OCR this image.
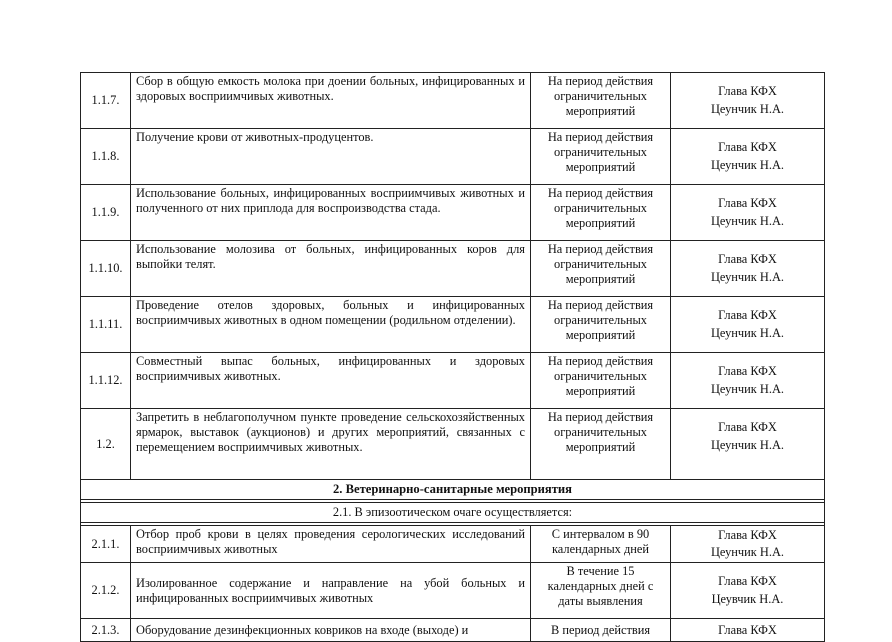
1.1.7.	Сбор в общую емкость молока при доении больных, инфицированных и здоровых восприимчивых животных.	На период действия
ограничительных
мероприятий	Глава КФХ
Цеунчик Н.А.

1.1.8.	Получение крови от животных-продуцентов.	На период действия
ограничительных
мероприятий	Глава КФХ
Цеунчик Н.А.

1.1.9.	Использование больных, инфицированных восприимчивых животных и полученного от них приплода для воспроизводства стада.	На период действия
ограничительных
мероприятий	Глава КФХ
Цеунчик Н.А.

1.1.10.	Использование молозива от больных, инфицированных коров для выпойки телят.	На период действия
ограничительных
мероприятий	Глава КФХ
Цеунчик Н.А.

1.1.11.	Проведение отелов здоровых, больных и инфицированных восприимчивых животных в одном помещении (родильном отделении).	На период действия
ограничительных
мероприятий	Глава КФХ
Цеунчик Н.А.

1.1.12.	Совместный выпас больных, инфицированных и здоровых восприимчивых животных.	На период действия
ограничительных
мероприятий	Глава КФХ
Цеунчик Н.А.

1.2.	Запретить в неблагополучном пункте проведение сельскохозяйственных ярмарок, выставок (аукционов) и других мероприятий, связанных с перемещением восприимчивых животных.	На период действия
ограничительных
мероприятий	Глава КФХ
Цеунчик Н.А.

2. Ветеринарно-санитарные мероприятия			

2.1. В эпизоотическом очаге осуществляется:			

2.1.1.	Отбор проб крови в целях проведения серологических исследований восприимчивых животных	С интервалом в 90
календарных дней	Глава КФХ
Цеунчик Н.А.

2.1.2.	Изолированное содержание и направление на убой больных и инфицированных восприимчивых животных	В течение 15
календарных дней с
даты выявления	Глава КФХ
Цеувчик Н.А.

2.1.3.	Оборудование дезинфекционных ковриков на входе (выходе) и	В период действия	Глава КФХ
